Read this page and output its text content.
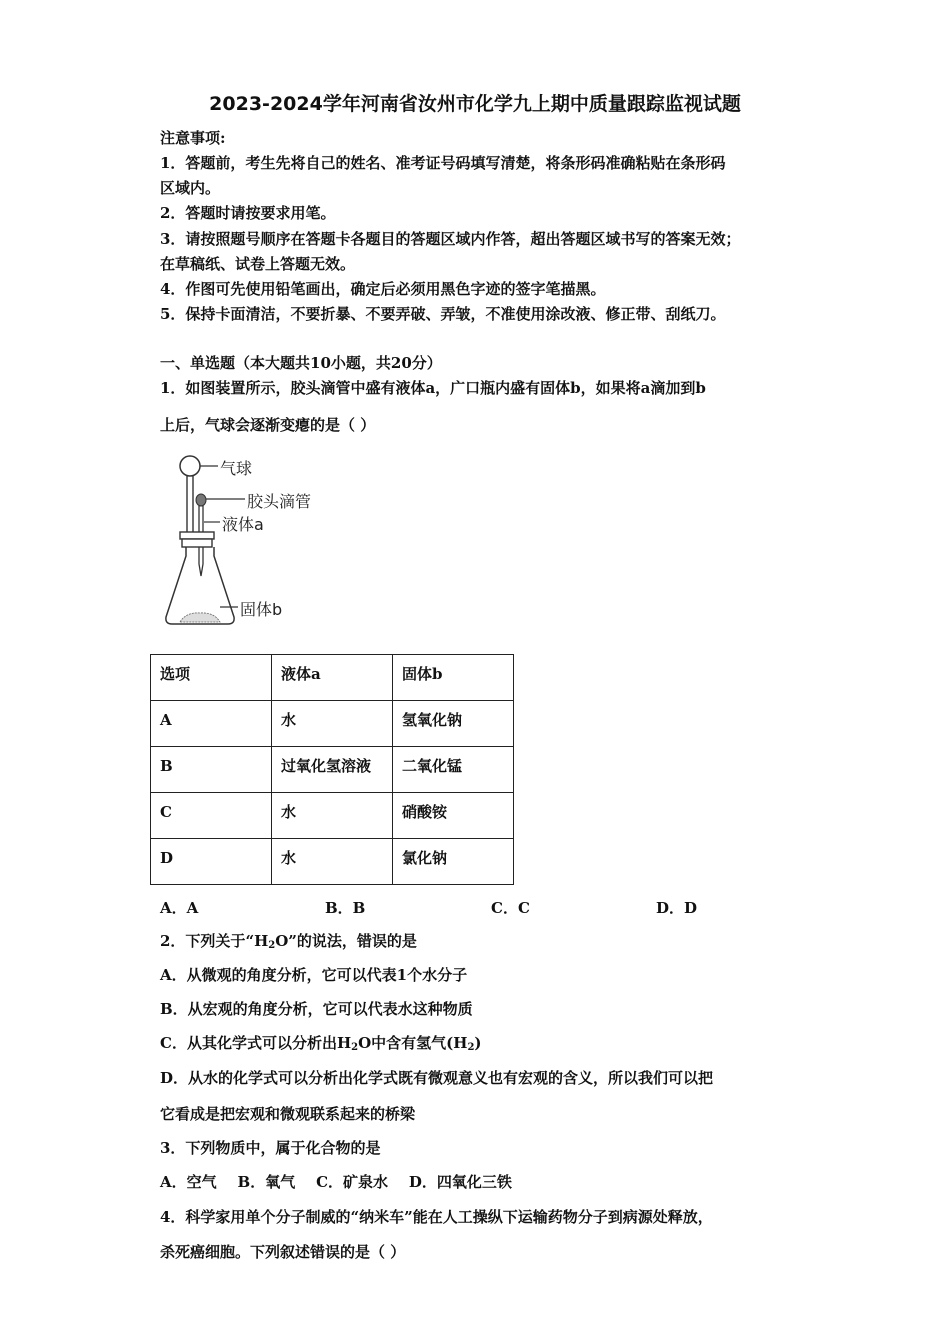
2023-2024学年河南省汝州市化学九上期中质量跟踪监视试题
注意事项:
1．答题前，考生先将自己的姓名、准考证号码填写清楚，将条形码准确粘贴在条形码
区域内。
2．答题时请按要求用笔。
3．请按照题号顺序在答题卡各题目的答题区域内作答，超出答题区域书写的答案无效；
在草稿纸、试卷上答题无效。
4．作图可先使用铅笔画出，确定后必须用黑色字迹的签字笔描黑。
5．保持卡面清洁，不要折暴、不要弄破、弄皱，不准使用涂改液、修正带、刮纸刀。
一、单选题（本大题共10小题，共20分）
1．如图装置所示，胶头滴管中盛有液体a，广口瓶内盛有固体b，如果将a滴加到b
上后，气球会逐渐变瘪的是（ ）
气球
胶头滴管
液体a
固体b
选项	液体a	固体b

A	水	氢氧化钠

B	过氧化氢溶液	二氧化锰

C	水	硝酸铵

D	水	氯化钠
A．A	B．B	C．C	D．D
2．下列关于“$H_2O$”的说法，错误的是
A．从微观的角度分析，它可以代表1个水分子
B．从宏观的角度分析，它可以代表水这种物质
C．从其化学式可以分析出$H_2O$中含有氢气$(H_2)$
D．从水的化学式可以分析出化学式既有微观意义也有宏观的含义，所以我们可以把
它看成是把宏观和微观联系起来的桥梁
3．下列物质中，属于化合物的是
A．空气    B．氧气    C．矿泉水    D．四氧化三铁
4．科学家用单个分子制威的“纳米车”能在人工操纵下运输药物分子到病源处释放，
杀死癌细胞。下列叙述错误的是（ ）
